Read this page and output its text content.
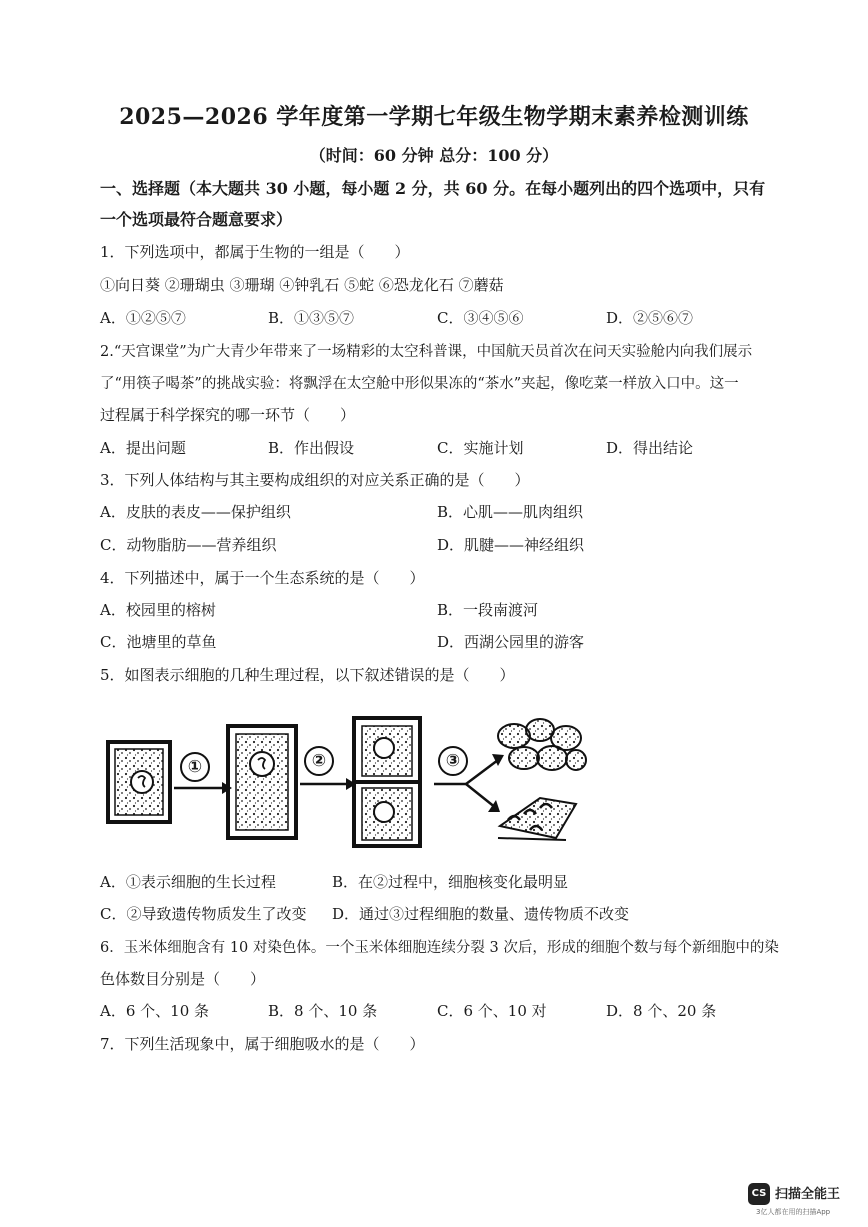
2025—2026 学年度第一学期七年级生物学期末素养检测训练
（时间：60 分钟 总分：100 分）
一、选择题（本大题共 30 小题，每小题 2 分，共 60 分。在每小题列出的四个选项中，只有
一个选项最符合题意要求）
1．下列选项中，都属于生物的一组是（　　）
①向日葵 ②珊瑚虫 ③珊瑚 ④钟乳石 ⑤蛇 ⑥恐龙化石 ⑦蘑菇
A．①②⑤⑦	B．①③⑤⑦	C．③④⑤⑥	D．②⑤⑥⑦
2.“天宫课堂”为广大青少年带来了一场精彩的太空科普课，中国航天员首次在问天实验舱内向我们展示
了“用筷子喝茶”的挑战实验：将飘浮在太空舱中形似果冻的“茶水”夹起，像吃菜一样放入口中。这一
过程属于科学探究的哪一环节（　　）
A．提出问题	B．作出假设	C．实施计划	D．得出结论
3．下列人体结构与其主要构成组织的对应关系正确的是（　　）
A．皮肤的表皮——保护组织	B．心肌——肌肉组织
C．动物脂肪——营养组织	D．肌腱——神经组织
4．下列描述中，属于一个生态系统的是（　　）
A．校园里的榕树	B．一段南渡河
C．池塘里的草鱼	D．西湖公园里的游客
5．如图表示细胞的几种生理过程，以下叙述错误的是（　　）
①	②	③
A．①表示细胞的生长过程	B．在②过程中，细胞核变化最明显
C．②导致遗传物质发生了改变 D．通过③过程细胞的数量、遗传物质不改变
6．玉米体细胞含有 10 对染色体。一个玉米体细胞连续分裂 3 次后，形成的细胞个数与每个新细胞中的染
色体数目分别是（　　）
A．6 个、10 条	B．8 个、10 条	C．6 个、10 对	D．8 个、20 条
7．下列生活现象中，属于细胞吸水的是（　　）
CS 扫描全能王
3亿人都在用的扫描App
